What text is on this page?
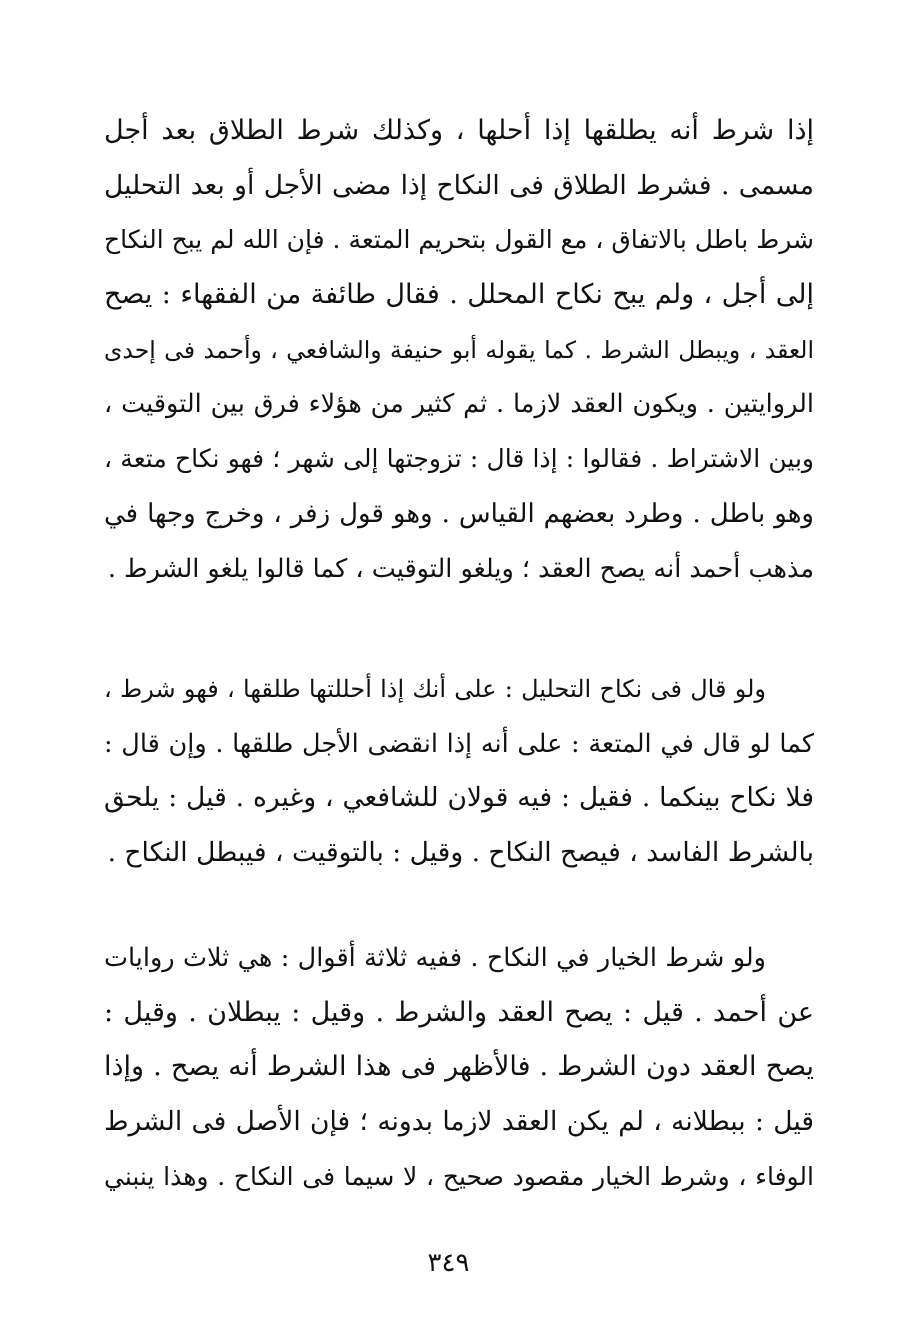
إذا شرط أنه يطلقها إذا أحلها ، وكذلك شرط الطلاق بعد أجل
مسمى . فشرط الطلاق فى النكاح إذا مضى الأجل أو بعد التحليل
شرط باطل بالاتفاق ، مع القول بتحريم المتعة . فإن الله لم يبح النكاح
إلى أجل ، ولم يبح نكاح المحلل . فقال طائفة من الفقهاء : يصح
العقد ، ويبطل الشرط . كما يقوله أبو حنيفة والشافعي ، وأحمد فى إحدى
الروايتين . ويكون العقد لازما . ثم كثير من هؤلاء فرق بين التوقيت ،
وبين الاشتراط . فقالوا : إذا قال : تزوجتها إلى شهر ؛ فهو نكاح متعة ،
وهو باطل . وطرد بعضهم القياس . وهو قول زفر ، وخرج وجها في
مذهب أحمد أنه يصح العقد ؛ ويلغو التوقيت ، كما قالوا يلغو الشرط .
ولو قال فى نكاح التحليل : على أنك إذا أحللتها طلقها ، فهو شرط ،
كما لو قال في المتعة : على أنه إذا انقضى الأجل طلقها . وإن قال :
فلا نكاح بينكما . فقيل : فيه قولان للشافعي ، وغيره . قيل : يلحق
بالشرط الفاسد ، فيصح النكاح . وقيل : بالتوقيت ، فيبطل النكاح .
ولو شرط الخيار في النكاح . ففيه ثلاثة أقوال : هي ثلاث روايات
عن أحمد . قيل : يصح العقد والشرط . وقيل : يبطلان . وقيل :
يصح العقد دون الشرط . فالأظهر فى هذا الشرط أنه يصح . وإذا
قيل : ببطلانه ، لم يكن العقد لازما بدونه ؛ فإن الأصل فى الشرط
الوفاء ، وشرط الخيار مقصود صحيح ، لا سيما فى النكاح . وهذا ينبني
٣٤٩
